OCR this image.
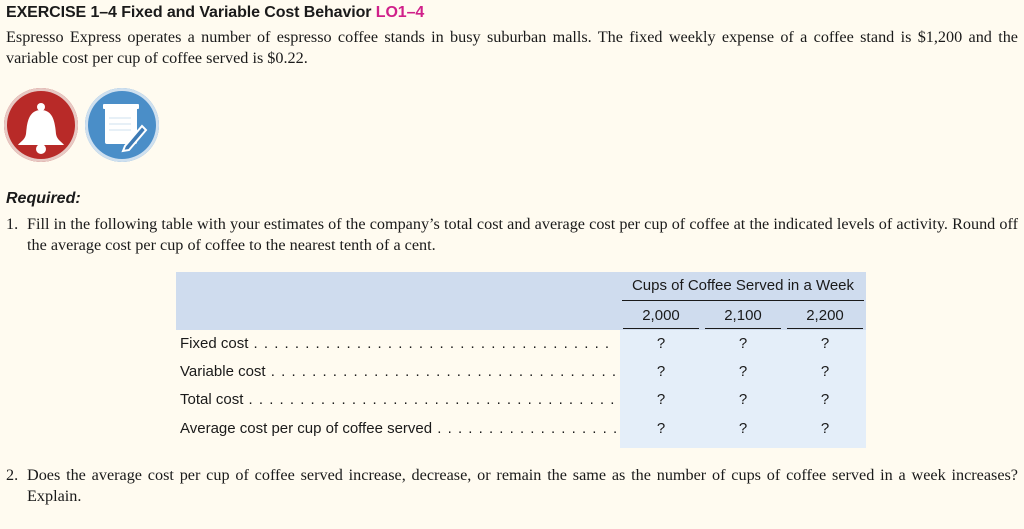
EXERCISE 1–4 Fixed and Variable Cost Behavior LO1–4
Espresso Express operates a number of espresso coffee stands in busy suburban malls. The fixed weekly expense of a coffee stand is $1,200 and the variable cost per cup of coffee served is $0.22.
Required:
1. Fill in the following table with your estimates of the company’s total cost and average cost per cup of coffee at the indicated levels of activity. Round off the average cost per cup of coffee to the nearest tenth of a cent.
Cups of Coffee Served in a Week
2,000	2,100	2,200
Fixed cost . . .	?	?	?
Variable cost . . .	?	?	?
Total cost . . .	?	?	?
Average cost per cup of coffee served . . .	?	?	?
2. Does the average cost per cup of coffee served increase, decrease, or remain the same as the number of cups of coffee served in a week increases? Explain.
